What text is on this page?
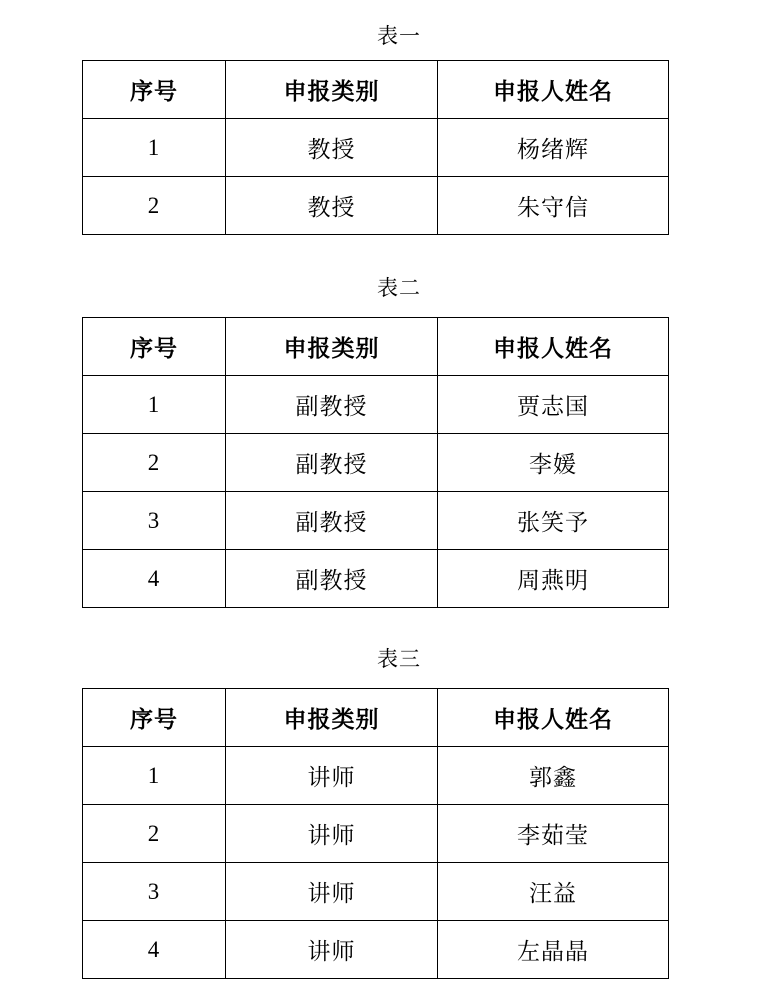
表一
序号	申报类别	申报人姓名
1	教授	杨绪辉
2	教授	朱守信
表二
序号	申报类别	申报人姓名
1	副教授	贾志国
2	副教授	李媛
3	副教授	张笑予
4	副教授	周燕明
表三
序号	申报类别	申报人姓名
1	讲师	郭鑫
2	讲师	李茹莹
3	讲师	汪益
4	讲师	左晶晶
